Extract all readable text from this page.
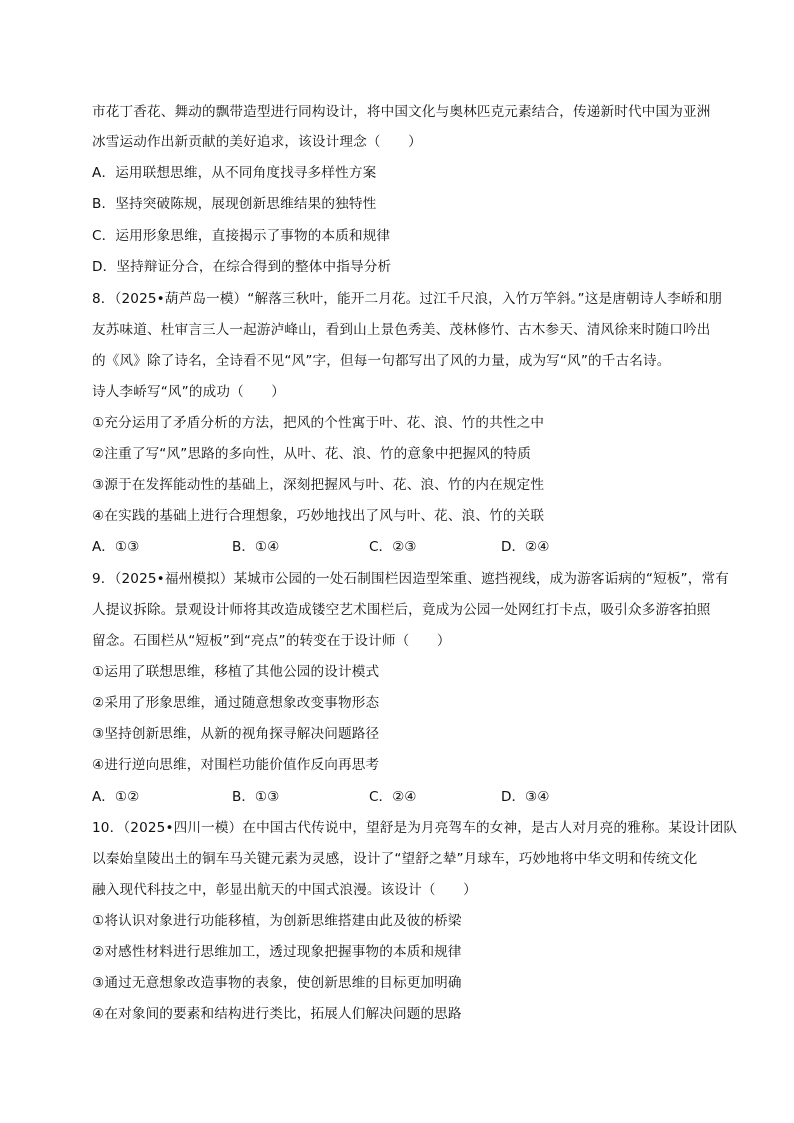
市花丁香花、舞动的飘带造型进行同构设计，将中国文化与奥林匹克元素结合，传递新时代中国为亚洲
冰雪运动作出新贡献的美好追求，该设计理念（　　）
A．运用联想思维，从不同角度找寻多样性方案
B．坚持突破陈规，展现创新思维结果的独特性
C．运用形象思维，直接揭示了事物的本质和规律
D．坚持辩证分合，在综合得到的整体中指导分析
8．（2025•葫芦岛一模）“解落三秋叶，能开二月花。过江千尺浪，入竹万竿斜。”这是唐朝诗人李峤和朋
友苏味道、杜审言三人一起游泸峰山，看到山上景色秀美、茂林修竹、古木参天、清风徐来时随口吟出
的《风》除了诗名，全诗看不见“风”字，但每一句都写出了风的力量，成为写“风”的千古名诗。
诗人李峤写“风”的成功（　　）
①充分运用了矛盾分析的方法，把风的个性寓于叶、花、浪、竹的共性之中
②注重了写“风”思路的多向性，从叶、花、浪、竹的意象中把握风的特质
③源于在发挥能动性的基础上，深刻把握风与叶、花、浪、竹的内在规定性
④在实践的基础上进行合理想象，巧妙地找出了风与叶、花、浪、竹的关联
A．①③	B．①④	C．②③	D．②④
9．（2025•福州模拟）某城市公园的一处石制围栏因造型笨重、遮挡视线，成为游客诟病的“短板”，常有
人提议拆除。景观设计师将其改造成镂空艺术围栏后，竟成为公园一处网红打卡点，吸引众多游客拍照
留念。石围栏从“短板”到“亮点”的转变在于设计师（　　）
①运用了联想思维，移植了其他公园的设计模式
②采用了形象思维，通过随意想象改变事物形态
③坚持创新思维，从新的视角探寻解决问题路径
④进行逆向思维，对围栏功能价值作反向再思考
A．①②	B．①③	C．②④	D．③④
10．（2025•四川一模）在中国古代传说中，望舒是为月亮驾车的女神，是古人对月亮的雅称。某设计团队
以秦始皇陵出土的铜车马关键元素为灵感，设计了“望舒之辇”月球车，巧妙地将中华文明和传统文化
融入现代科技之中，彰显出航天的中国式浪漫。该设计（　　）
①将认识对象进行功能移植，为创新思维搭建由此及彼的桥梁
②对感性材料进行思维加工，透过现象把握事物的本质和规律
③通过无意想象改造事物的表象，使创新思维的目标更加明确
④在对象间的要素和结构进行类比，拓展人们解决问题的思路
